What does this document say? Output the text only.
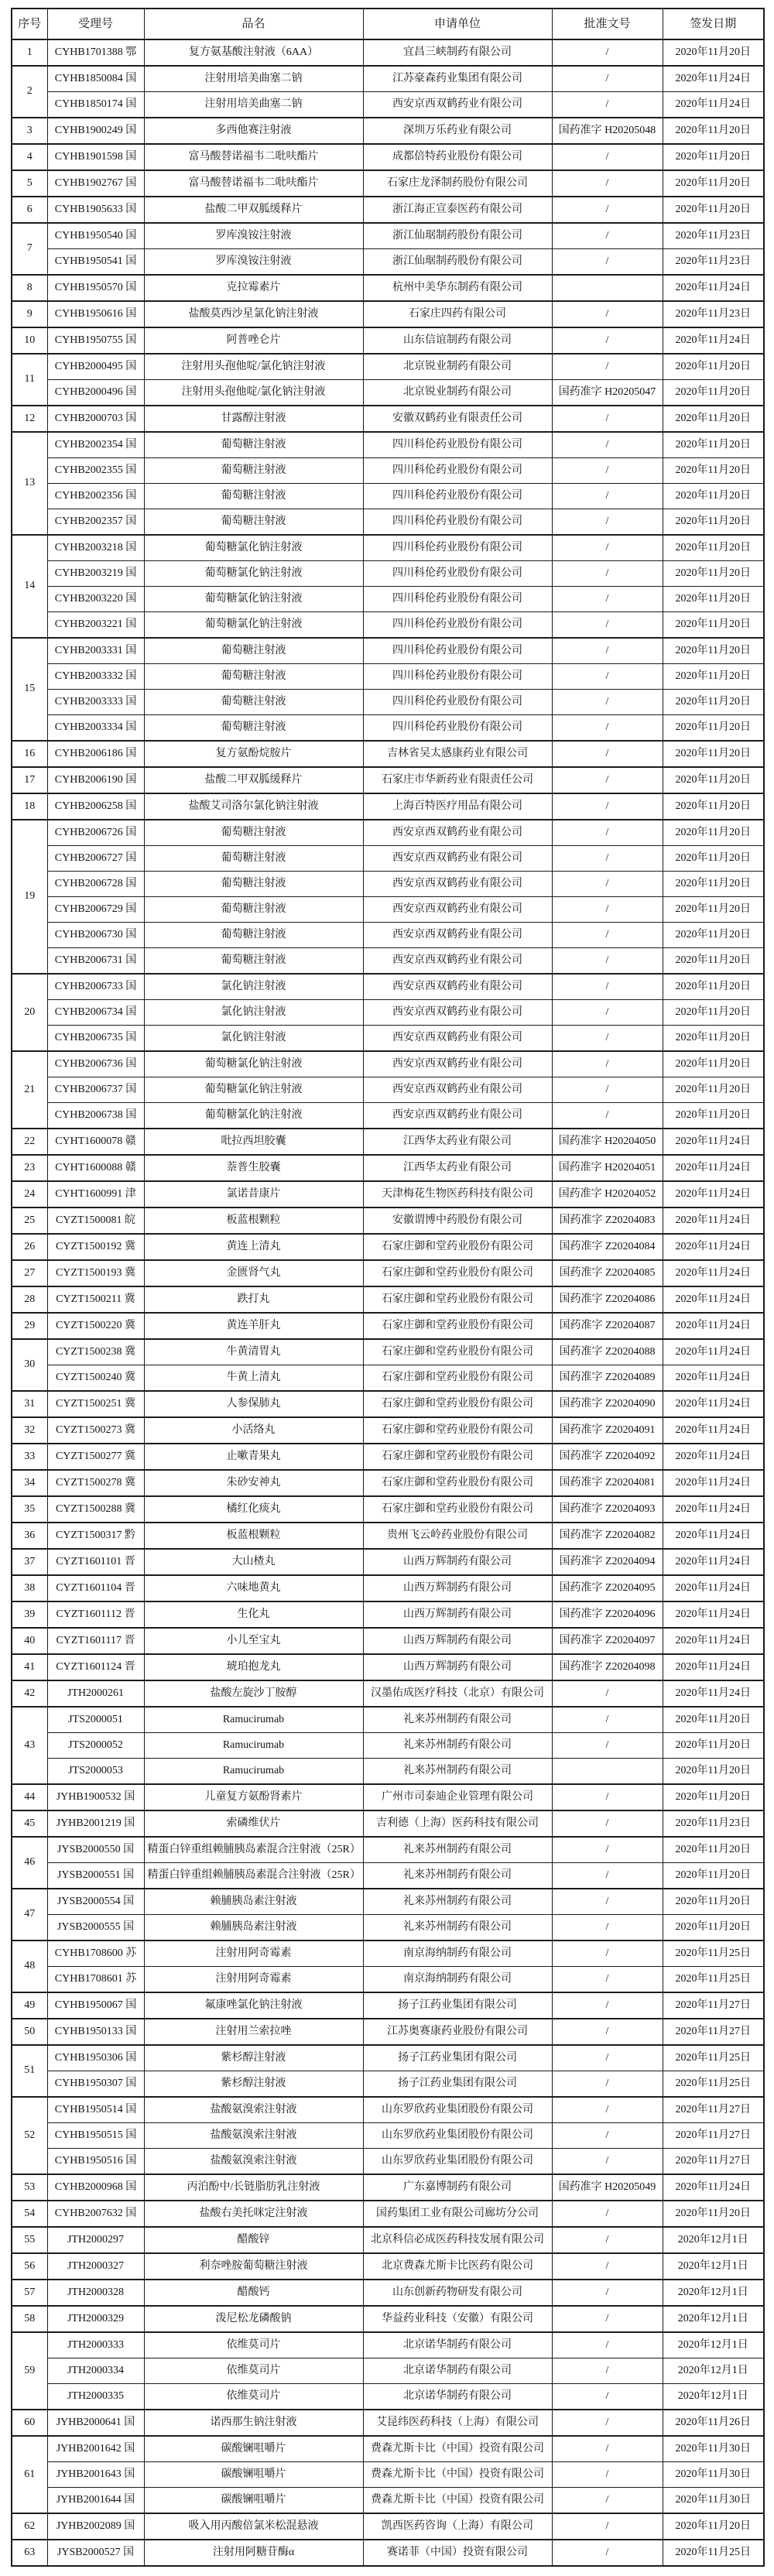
序号	受理号	品名	申请单位	批准文号	签发日期
1	CYHB1701388 鄂	复方氨基酸注射液（6AA）	宜昌三峡制药有限公司	/	2020年11月20日
2	CYHB1850084 国	注射用培美曲塞二钠	江苏豪森药业集团有限公司	/	2020年11月24日
	CYHB1850174 国	注射用培美曲塞二钠	西安京西双鹤药业有限公司	/	2020年11月24日
3	CYHB1900249 国	多西他赛注射液	深圳万乐药业有限公司	国药准字 H20205048	2020年11月20日
4	CYHB1901598 国	富马酸替诺福韦二吡呋酯片	成都倍特药业股份有限公司	/	2020年11月20日
5	CYHB1902767 国	富马酸替诺福韦二吡呋酯片	石家庄龙泽制药股份有限公司	/	2020年11月20日
6	CYHB1905633 国	盐酸二甲双胍缓释片	浙江海正宣泰医药有限公司	/	2020年11月20日
7	CYHB1950540 国	罗库溴铵注射液	浙江仙琚制药股份有限公司	/	2020年11月23日
	CYHB1950541 国	罗库溴铵注射液	浙江仙琚制药股份有限公司	/	2020年11月23日
8	CYHB1950570 国	克拉霉素片	杭州中美华东制药有限公司		2020年11月24日
9	CYHB1950616 国	盐酸莫西沙星氯化钠注射液	石家庄四药有限公司	/	2020年11月23日
10	CYHB1950755 国	阿普唑仑片	山东信谊制药有限公司	/	2020年11月24日
11	CYHB2000495 国	注射用头孢他啶/氯化钠注射液	北京锐业制药有限公司	/	2020年11月20日
	CYHB2000496 国	注射用头孢他啶/氯化钠注射液	北京锐业制药有限公司	国药准字 H20205047	2020年11月20日
12	CYHB2000703 国	甘露醇注射液	安徽双鹤药业有限责任公司	/	2020年11月20日
13	CYHB2002354 国	葡萄糖注射液	四川科伦药业股份有限公司	/	2020年11月20日
	CYHB2002355 国	葡萄糖注射液	四川科伦药业股份有限公司	/	2020年11月20日
	CYHB2002356 国	葡萄糖注射液	四川科伦药业股份有限公司	/	2020年11月20日
	CYHB2002357 国	葡萄糖注射液	四川科伦药业股份有限公司	/	2020年11月20日
14	CYHB2003218 国	葡萄糖氯化钠注射液	四川科伦药业股份有限公司	/	2020年11月20日
	CYHB2003219 国	葡萄糖氯化钠注射液	四川科伦药业股份有限公司	/	2020年11月20日
	CYHB2003220 国	葡萄糖氯化钠注射液	四川科伦药业股份有限公司	/	2020年11月20日
	CYHB2003221 国	葡萄糖氯化钠注射液	四川科伦药业股份有限公司	/	2020年11月20日
15	CYHB2003331 国	葡萄糖注射液	四川科伦药业股份有限公司	/	2020年11月20日
	CYHB2003332 国	葡萄糖注射液	四川科伦药业股份有限公司	/	2020年11月20日
	CYHB2003333 国	葡萄糖注射液	四川科伦药业股份有限公司	/	2020年11月20日
	CYHB2003334 国	葡萄糖注射液	四川科伦药业股份有限公司	/	2020年11月20日
16	CYHB2006186 国	复方氨酚烷胺片	吉林省吴太感康药业有限公司	/	2020年11月20日
17	CYHB2006190 国	盐酸二甲双胍缓释片	石家庄市华新药业有限责任公司	/	2020年11月20日
18	CYHB2006258 国	盐酸艾司洛尔氯化钠注射液	上海百特医疗用品有限公司	/	2020年11月20日
19	CYHB2006726 国	葡萄糖注射液	西安京西双鹤药业有限公司	/	2020年11月20日
	CYHB2006727 国	葡萄糖注射液	西安京西双鹤药业有限公司	/	2020年11月20日
	CYHB2006728 国	葡萄糖注射液	西安京西双鹤药业有限公司	/	2020年11月20日
	CYHB2006729 国	葡萄糖注射液	西安京西双鹤药业有限公司	/	2020年11月20日
	CYHB2006730 国	葡萄糖注射液	西安京西双鹤药业有限公司	/	2020年11月20日
	CYHB2006731 国	葡萄糖注射液	西安京西双鹤药业有限公司	/	2020年11月20日
20	CYHB2006733 国	氯化钠注射液	西安京西双鹤药业有限公司	/	2020年11月20日
	CYHB2006734 国	氯化钠注射液	西安京西双鹤药业有限公司	/	2020年11月20日
	CYHB2006735 国	氯化钠注射液	西安京西双鹤药业有限公司	/	2020年11月20日
21	CYHB2006736 国	葡萄糖氯化钠注射液	西安京西双鹤药业有限公司	/	2020年11月20日
	CYHB2006737 国	葡萄糖氯化钠注射液	西安京西双鹤药业有限公司	/	2020年11月20日
	CYHB2006738 国	葡萄糖氯化钠注射液	西安京西双鹤药业有限公司	/	2020年11月20日
22	CYHT1600078 赣	吡拉西坦胶囊	江西华太药业有限公司	国药准字 H20204050	2020年11月24日
23	CYHT1600088 赣	萘普生胶囊	江西华太药业有限公司	国药准字 H20204051	2020年11月24日
24	CYHT1600991 津	氯诺昔康片	天津梅花生物医药科技有限公司	国药准字 H20204052	2020年11月24日
25	CYZT1500081 皖	板蓝根颗粒	安徽谓博中药股份有限公司	国药准字 Z20204083	2020年11月24日
26	CYZT1500192 冀	黄连上清丸	石家庄御和堂药业股份有限公司	国药准字 Z20204084	2020年11月24日
27	CYZT1500193 冀	金匮肾气丸	石家庄御和堂药业股份有限公司	国药准字 Z20204085	2020年11月24日
28	CYZT1500211 冀	跌打丸	石家庄御和堂药业股份有限公司	国药准字 Z20204086	2020年11月24日
29	CYZT1500220 冀	黄连羊肝丸	石家庄御和堂药业股份有限公司	国药准字 Z20204087	2020年11月24日
30	CYZT1500238 冀	牛黄清胃丸	石家庄御和堂药业股份有限公司	国药准字 Z20204088	2020年11月24日
	CYZT1500240 冀	牛黄上清丸	石家庄御和堂药业股份有限公司	国药准字 Z20204089	2020年11月24日
31	CYZT1500251 冀	人参保肺丸	石家庄御和堂药业股份有限公司	国药准字 Z20204090	2020年11月24日
32	CYZT1500273 冀	小活络丸	石家庄御和堂药业股份有限公司	国药准字 Z20204091	2020年11月24日
33	CYZT1500277 冀	止嗽青果丸	石家庄御和堂药业股份有限公司	国药准字 Z20204092	2020年11月24日
34	CYZT1500278 冀	朱砂安神丸	石家庄御和堂药业股份有限公司	国药准字 Z20204081	2020年11月24日
35	CYZT1500288 冀	橘红化痰丸	石家庄御和堂药业股份有限公司	国药准字 Z20204093	2020年11月24日
36	CYZT1500317 黔	板蓝根颗粒	贵州飞云岭药业股份有限公司	国药准字 Z20204082	2020年11月24日
37	CYZT1601101 晋	大山楂丸	山西万辉制药有限公司	国药准字 Z20204094	2020年11月24日
38	CYZT1601104 晋	六味地黄丸	山西万辉制药有限公司	国药准字 Z20204095	2020年11月24日
39	CYZT1601112 晋	生化丸	山西万辉制药有限公司	国药准字 Z20204096	2020年11月24日
40	CYZT1601117 晋	小儿至宝丸	山西万辉制药有限公司	国药准字 Z20204097	2020年11月24日
41	CYZT1601124 晋	琥珀抱龙丸	山西万辉制药有限公司	国药准字 Z20204098	2020年11月24日
42	JTH2000261	盐酸左旋沙丁胺醇	汉墨佑成医疗科技（北京）有限公司	/	2020年11月24日
43	JTS2000051	Ramucirumab	礼来苏州制药有限公司	/	2020年11月20日
	JTS2000052	Ramucirumab	礼来苏州制药有限公司	/	2020年11月20日
	JTS2000053	Ramucirumab	礼来苏州制药有限公司		2020年11月20日
44	JYHB1900532 国	儿童复方氨酚肾素片	广州市司泰迪企业管理有限公司	/	2020年11月20日
45	JYHB2001219 国	索磷维伏片	吉利德（上海）医药科技有限公司	/	2020年11月23日
46	JYSB2000550 国	精蛋白锌重组赖脯胰岛素混合注射液（25R）	礼来苏州制药有限公司	/	2020年11月20日
	JYSB2000551 国	精蛋白锌重组赖脯胰岛素混合注射液（25R）	礼来苏州制药有限公司	/	2020年11月20日
47	JYSB2000554 国	赖脯胰岛素注射液	礼来苏州制药有限公司	/	2020年11月20日
	JYSB2000555 国	赖脯胰岛素注射液	礼来苏州制药有限公司	/	2020年11月20日
48	CYHB1708600 苏	注射用阿奇霉素	南京海纳制药有限公司	/	2020年11月25日
	CYHB1708601 苏	注射用阿奇霉素	南京海纳制药有限公司	/	2020年11月25日
49	CYHB1950067 国	氟康唑氯化钠注射液	扬子江药业集团有限公司	/	2020年11月27日
50	CYHB1950133 国	注射用兰索拉唑	江苏奥赛康药业股份有限公司	/	2020年11月27日
51	CYHB1950306 国	紫杉醇注射液	扬子江药业集团有限公司	/	2020年11月25日
	CYHB1950307 国	紫杉醇注射液	扬子江药业集团有限公司	/	2020年11月25日
52	CYHB1950514 国	盐酸氨溴索注射液	山东罗欣药业集团股份有限公司	/	2020年11月27日
	CYHB1950515 国	盐酸氨溴索注射液	山东罗欣药业集团股份有限公司	/	2020年11月27日
	CYHB1950516 国	盐酸氨溴索注射液	山东罗欣药业集团股份有限公司	/	2020年11月27日
53	CYHB2000968 国	丙泊酚中/长链脂肪乳注射液	广东嘉博制药有限公司	国药准字 H20205049	2020年11月24日
54	CYHB2007632 国	盐酸右美托咪定注射液	国药集团工业有限公司廊坊分公司	/	2020年11月20日
55	JTH2000297	醋酸锌	北京科信必成医药科技发展有限公司	/	2020年12月1日
56	JTH2000327	利奈唑胺葡萄糖注射液	北京费森尤斯卡比医药有限公司	/	2020年12月1日
57	JTH2000328	醋酸钙	山东创新药物研发有限公司	/	2020年12月1日
58	JTH2000329	泼尼松龙磷酸钠	华益药业科技（安徽）有限公司	/	2020年12月1日
59	JTH2000333	依维莫司片	北京诺华制药有限公司	/	2020年12月1日
	JTH2000334	依维莫司片	北京诺华制药有限公司	/	2020年12月1日
	JTH2000335	依维莫司片	北京诺华制药有限公司	/	2020年12月1日
60	JYHB2000641 国	诺西那生钠注射液	艾昆纬医药科技（上海）有限公司	/	2020年11月26日
61	JYHB2001642 国	碳酸镧咀嚼片	费森尤斯卡比（中国）投资有限公司	/	2020年11月30日
	JYHB2001643 国	碳酸镧咀嚼片	费森尤斯卡比（中国）投资有限公司	/	2020年11月30日
	JYHB2001644 国	碳酸镧咀嚼片	费森尤斯卡比（中国）投资有限公司	/	2020年11月30日
62	JYHB2002089 国	吸入用丙酸倍氯米松混悬液	凯西医药咨询（上海）有限公司	/	2020年11月20日
63	JYSB2000527 国	注射用阿糖苷酶α	赛诺菲（中国）投资有限公司	/	2020年11月25日
